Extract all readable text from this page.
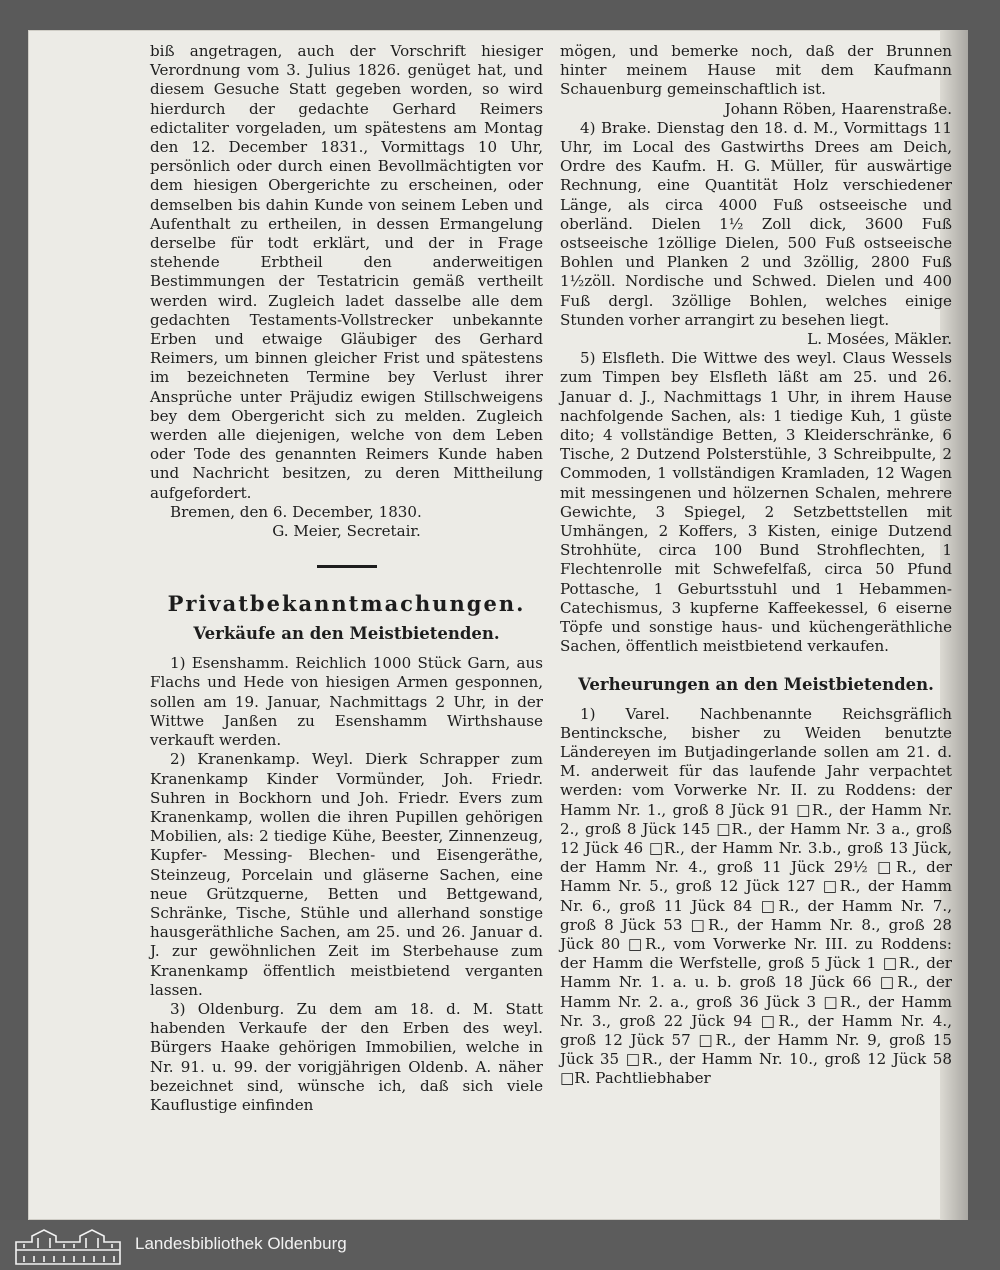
biß angetragen, auch der Vorschrift hiesiger Verordnung vom 3. Julius 1826. genüget hat, und diesem Gesuche Statt gegeben worden, so wird hierdurch der gedachte Gerhard Reimers edictaliter vorgeladen, um spätestens am Montag den 12. December 1831., Vormittags 10 Uhr, persönlich oder durch einen Bevollmächtigten vor dem hiesigen Obergerichte zu erscheinen, oder demselben bis dahin Kunde von seinem Leben und Aufenthalt zu ertheilen, in dessen Ermangelung derselbe für todt erklärt, und der in Frage stehende Erbtheil den anderweitigen Bestimmungen der Testatricin gemäß vertheilt werden wird. Zugleich ladet dasselbe alle dem gedachten Testaments-Vollstrecker unbekannte Erben und etwaige Gläubiger des Gerhard Reimers, um binnen gleicher Frist und spätestens im bezeichneten Termine bey Verlust ihrer Ansprüche unter Präjudiz ewigen Stillschweigens bey dem Obergericht sich zu melden. Zugleich werden alle diejenigen, welche von dem Leben oder Tode des genannten Reimers Kunde haben und Nachricht besitzen, zu deren Mittheilung aufgefordert.

Bremen, den 6. December, 1830.

G. Meier, Secretair.

Privatbekanntmachungen.
Verkäufe an den Meistbietenden.

1) Esenshamm. Reichlich 1000 Stück Garn, aus Flachs und Hede von hiesigen Armen gesponnen, sollen am 19. Januar, Nachmittags 2 Uhr, in der Wittwe Janßen zu Esenshamm Wirthshause verkauft werden.

2) Kranenkamp. Weyl. Dierk Schrapper zum Kranenkamp Kinder Vormünder, Joh. Friedr. Suhren in Bockhorn und Joh. Friedr. Evers zum Kranenkamp, wollen die ihren Pupillen gehörigen Mobilien, als: 2 tiedige Kühe, Beester, Zinnenzeug, Kupfer- Messing- Blechen- und Eisengeräthe, Steinzeug, Porcelain und gläserne Sachen, eine neue Grützquerne, Betten und Bettgewand, Schränke, Tische, Stühle und allerhand sonstige hausgeräthliche Sachen, am 25. und 26. Januar d. J. zur gewöhnlichen Zeit im Sterbehause zum Kranenkamp öffentlich meistbietend verganten lassen.

3) Oldenburg. Zu dem am 18. d. M. Statt habenden Verkaufe der den Erben des weyl. Bürgers Haake gehörigen Immobilien, welche in Nr. 91. u. 99. der vorigjährigen Oldenb. A. näher bezeichnet sind, wünsche ich, daß sich viele Kauflustige einfinden

mögen, und bemerke noch, daß der Brunnen hinter meinem Hause mit dem Kaufmann Schauenburg gemeinschaftlich ist.

Johann Röben, Haarenstraße.

4) Brake. Dienstag den 18. d. M., Vormittags 11 Uhr, im Local des Gastwirths Drees am Deich, Ordre des Kaufm. H. G. Müller, für auswärtige Rechnung, eine Quantität Holz verschiedener Länge, als circa 4000 Fuß ostseeische und oberländ. Dielen 1½ Zoll dick, 3600 Fuß ostseeische 1zöllige Dielen, 500 Fuß ostseeische Bohlen und Planken 2 und 3zöllig, 2800 Fuß 1½zöll. Nordische und Schwed. Dielen und 400 Fuß dergl. 3zöllige Bohlen, welches einige Stunden vorher arrangirt zu besehen liegt.

L. Mosées, Mäkler.

5) Elsfleth. Die Wittwe des weyl. Claus Wessels zum Timpen bey Elsfleth läßt am 25. und 26. Januar d. J., Nachmittags 1 Uhr, in ihrem Hause nachfolgende Sachen, als: 1 tiedige Kuh, 1 güste dito; 4 vollständige Betten, 3 Kleiderschränke, 6 Tische, 2 Dutzend Polsterstühle, 3 Schreibpulte, 2 Commoden, 1 vollständigen Kramladen, 12 Wagen mit messingenen und hölzernen Schalen, mehrere Gewichte, 3 Spiegel, 2 Setzbettstellen mit Umhängen, 2 Koffers, 3 Kisten, einige Dutzend Strohhüte, circa 100 Bund Strohflechten, 1 Flechtenrolle mit Schwefelfaß, circa 50 Pfund Pottasche, 1 Geburtsstuhl und 1 Hebammen-Catechismus, 3 kupferne Kaffeekessel, 6 eiserne Töpfe und sonstige haus- und küchengeräthliche Sachen, öffentlich meistbietend verkaufen.

Verheurungen an den Meistbietenden.

1) Varel. Nachbenannte Reichsgräflich Bentincksche, bisher zu Weiden benutzte Ländereyen im Butjadingerlande sollen am 21. d. M. anderweit für das laufende Jahr verpachtet werden: vom Vorwerke Nr. II. zu Roddens: der Hamm Nr. 1., groß 8 Jück 91 □R., der Hamm Nr. 2., groß 8 Jück 145 □R., der Hamm Nr. 3 a., groß 12 Jück 46 □R., der Hamm Nr. 3.b., groß 13 Jück, der Hamm Nr. 4., groß 11 Jück 29½ □R., der Hamm Nr. 5., groß 12 Jück 127 □R., der Hamm Nr. 6., groß 11 Jück 84 □R., der Hamm Nr. 7., groß 8 Jück 53 □R., der Hamm Nr. 8., groß 28 Jück 80 □R., vom Vorwerke Nr. III. zu Roddens: der Hamm die Werfstelle, groß 5 Jück 1 □R., der Hamm Nr. 1. a. u. b. groß 18 Jück 66 □R., der Hamm Nr. 2. a., groß 36 Jück 3 □R., der Hamm Nr. 3., groß 22 Jück 94 □R., der Hamm Nr. 4., groß 12 Jück 57 □R., der Hamm Nr. 9, groß 15 Jück 35 □R., der Hamm Nr. 10., groß 12 Jück 58 □R. Pachtliebhaber

Landesbibliothek Oldenburg
